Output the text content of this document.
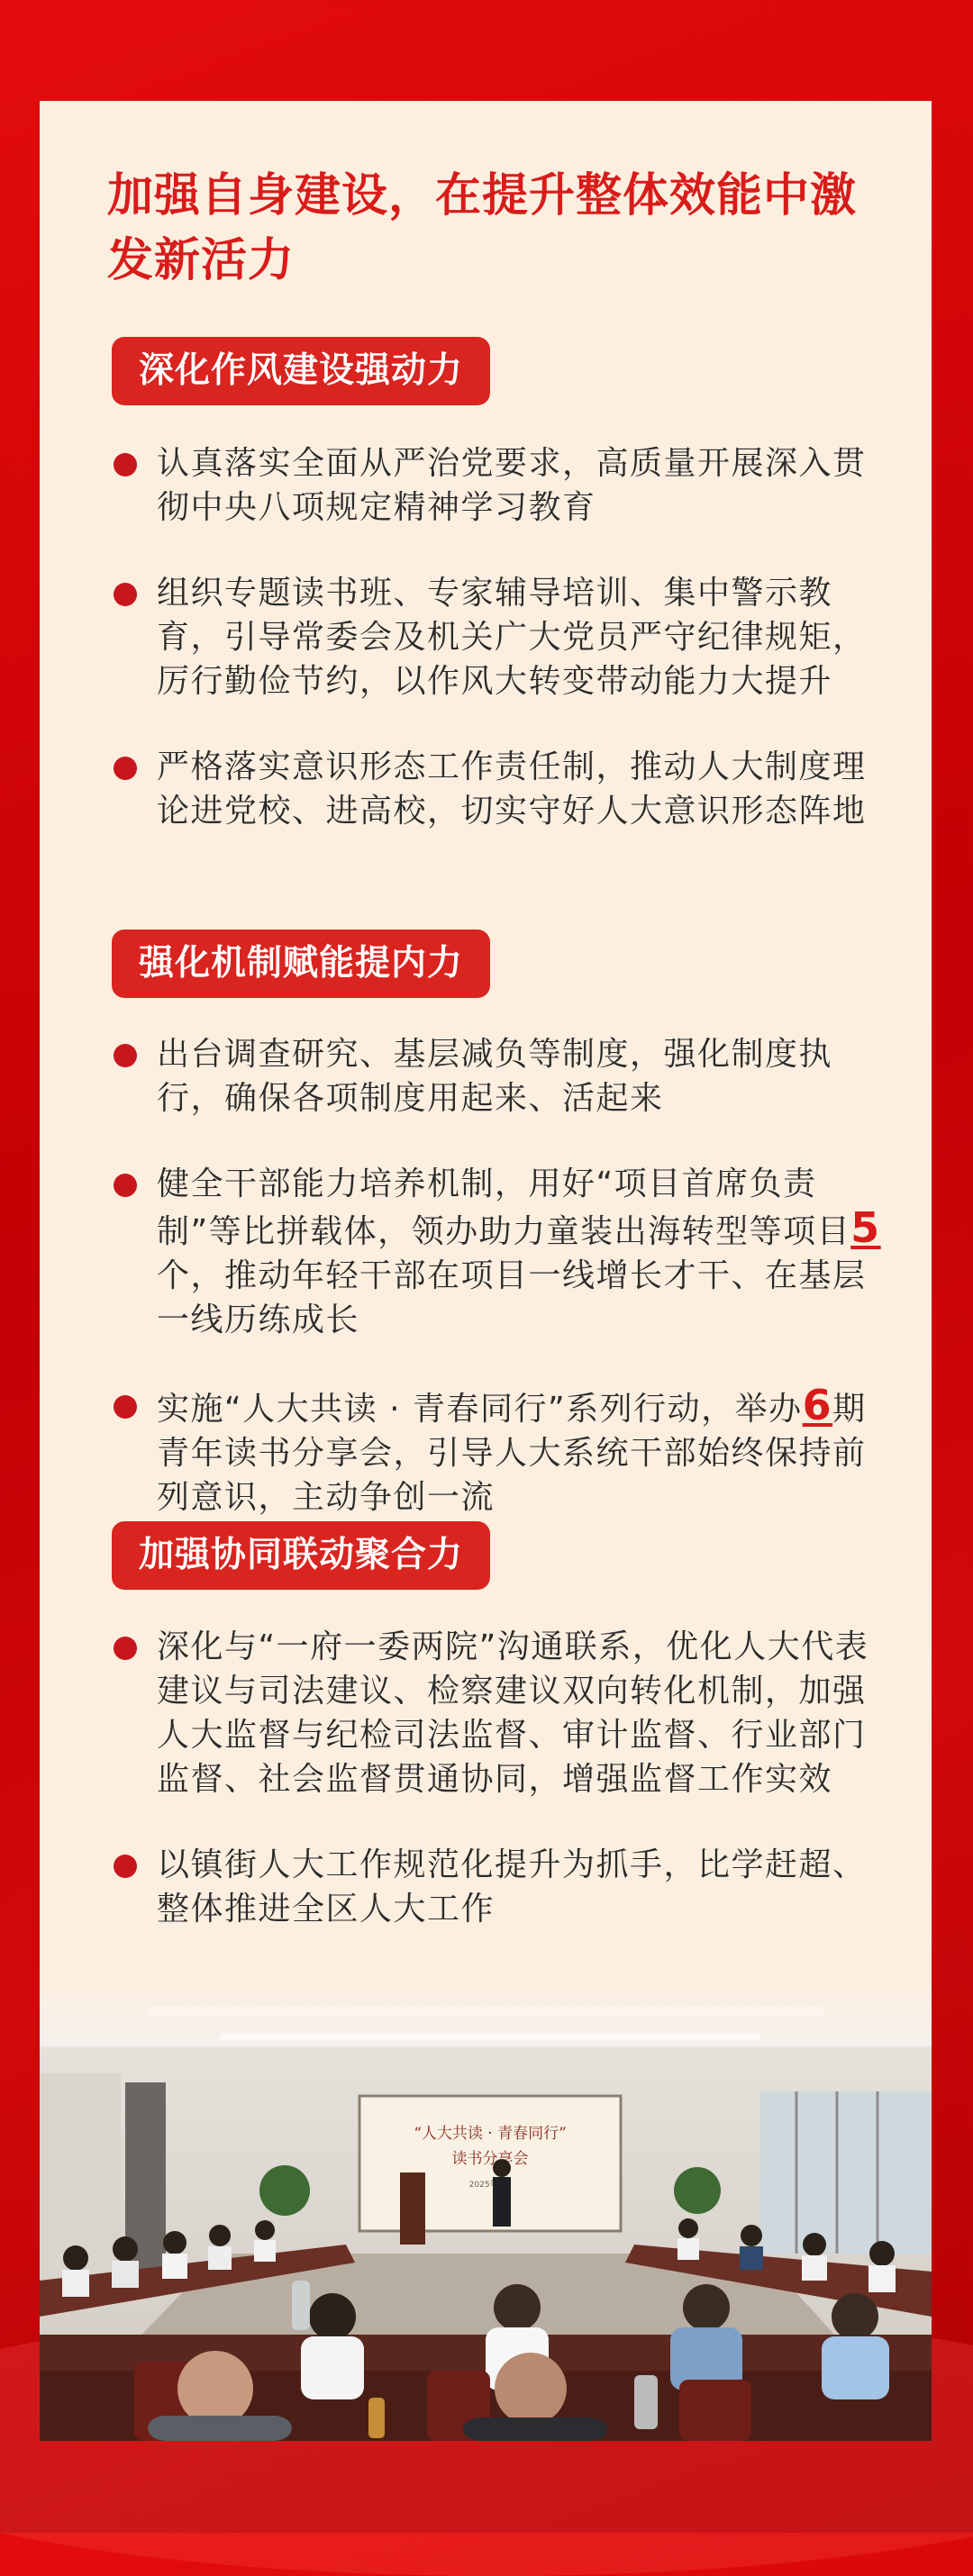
加强自身建设，在提升整体效能中激发新活力
深化作风建设强动力
认真落实全面从严治党要求，高质量开展深入贯彻中央八项规定精神学习教育
组织专题读书班、专家辅导培训、集中警示教育，引导常委会及机关广大党员严守纪律规矩，厉行勤俭节约，以作风大转变带动能力大提升
严格落实意识形态工作责任制，推动人大制度理论进党校、进高校，切实守好人大意识形态阵地
强化机制赋能提内力
出台调查研究、基层减负等制度，强化制度执行，确保各项制度用起来、活起来
健全干部能力培养机制，用好“项目首席负责制”等比拼载体，领办助力童装出海转型等项目5个，推动年轻干部在项目一线增长才干、在基层一线历练成长
实施“人大共读 · 青春同行”系列行动，举办6期青年读书分享会，引导人大系统干部始终保持前列意识，主动争创一流
加强协同联动聚合力
深化与“一府一委两院”沟通联系，优化人大代表建议与司法建议、检察建议双向转化机制，加强人大监督与纪检司法监督、审计监督、行业部门监督、社会监督贯通协同，增强监督工作实效
以镇街人大工作规范化提升为抓手，比学赶超、整体推进全区人大工作
